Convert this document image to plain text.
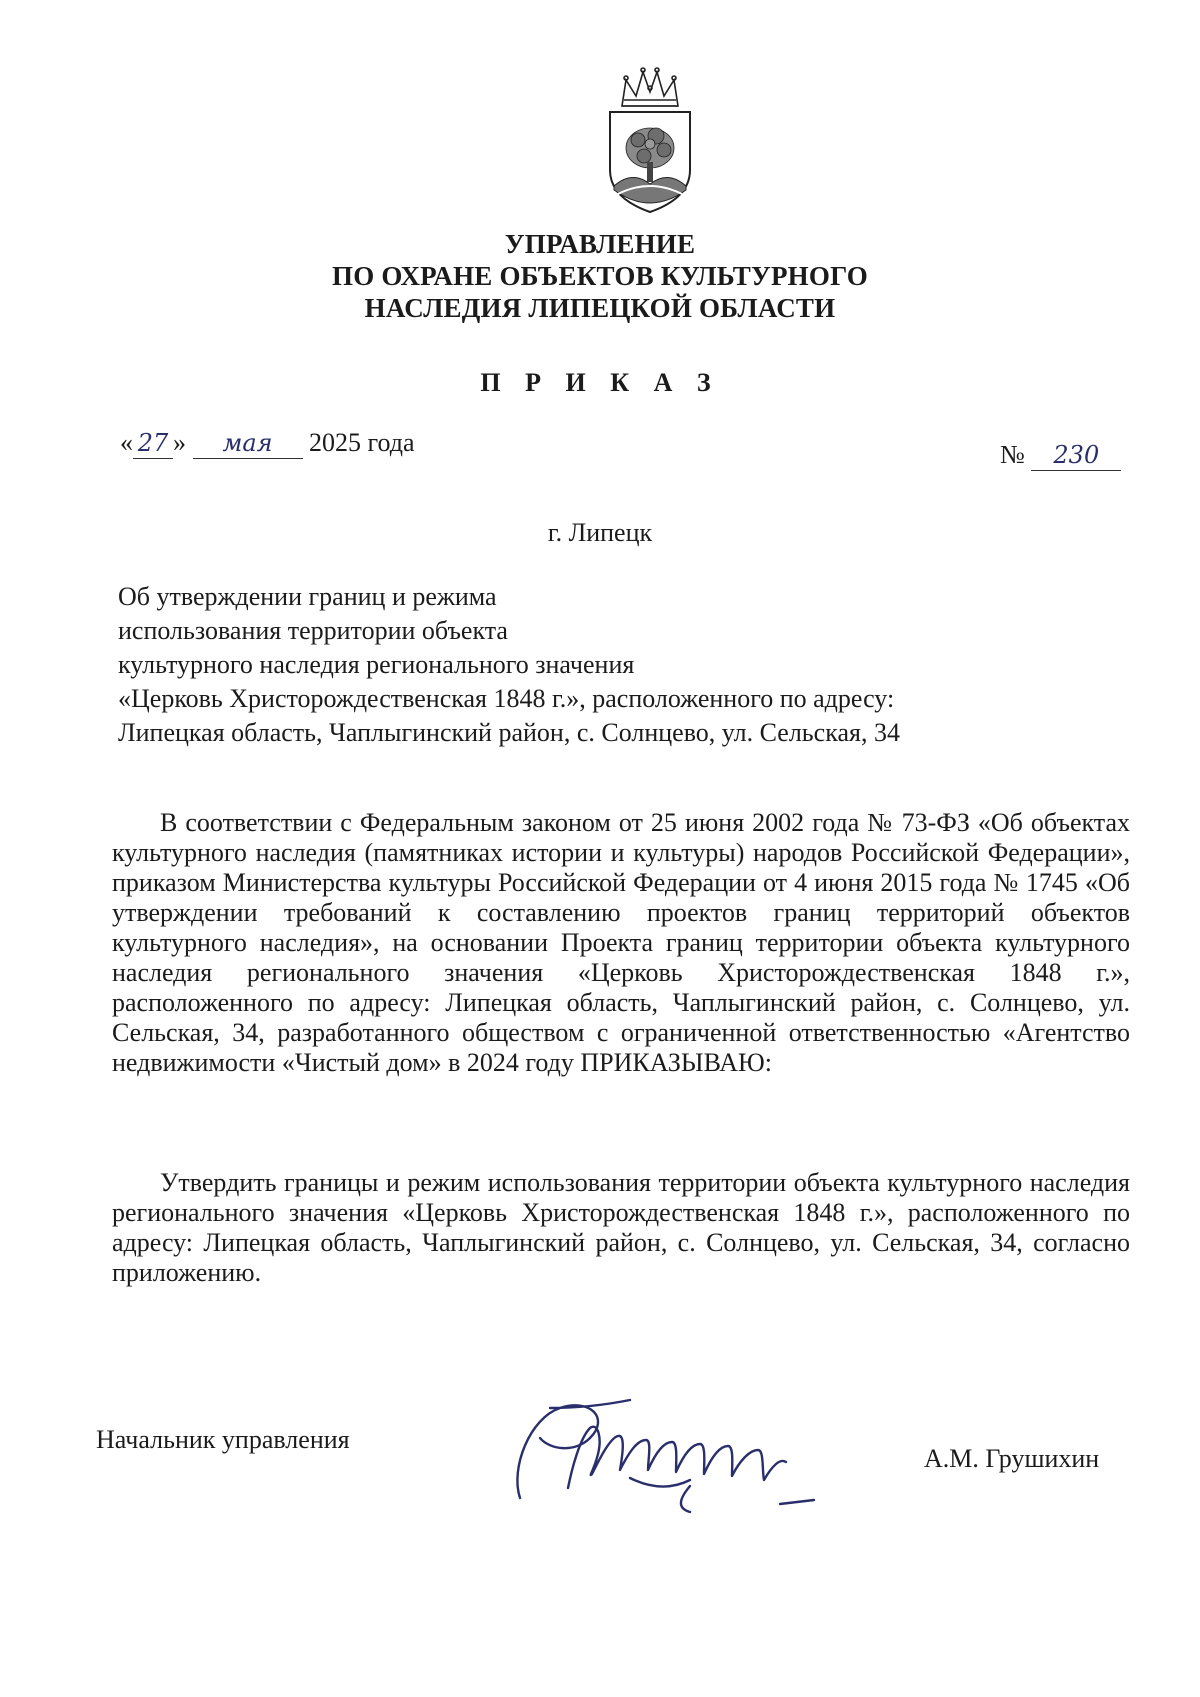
УПРАВЛЕНИЕ
ПО ОХРАНЕ ОБЪЕКТОВ КУЛЬТУРНОГО
НАСЛЕДИЯ ЛИПЕЦКОЙ ОБЛАСТИ
П Р И К А З
« 27 » мая 2025 года	№ 230
г. Липецк
Об утверждении границ и режима
использования территории объекта
культурного наследия регионального значения
«Церковь Христорождественская 1848 г.», расположенного по адресу:
Липецкая область, Чаплыгинский район, с. Солнцево, ул. Сельская, 34
В соответствии с Федеральным законом от 25 июня 2002 года № 73-ФЗ «Об объектах культурного наследия (памятниках истории и культуры) народов Российской Федерации», приказом Министерства культуры Российской Федерации от 4 июня 2015 года № 1745 «Об утверждении требований к составлению проектов границ территорий объектов культурного наследия», на основании Проекта границ территории объекта культурного наследия регионального значения «Церковь Христорождественская 1848 г.», расположенного по адресу: Липецкая область, Чаплыгинский район, с. Солнцево, ул. Сельская, 34, разработанного обществом с ограниченной ответственностью «Агентство недвижимости «Чистый дом» в 2024 году ПРИКАЗЫВАЮ:
Утвердить границы и режим использования территории объекта культурного наследия регионального значения «Церковь Христорождественская 1848 г.», расположенного по адресу: Липецкая область, Чаплыгинский район, с. Солнцево, ул. Сельская, 34, согласно приложению.
Начальник управления
А.М. Грушихин
